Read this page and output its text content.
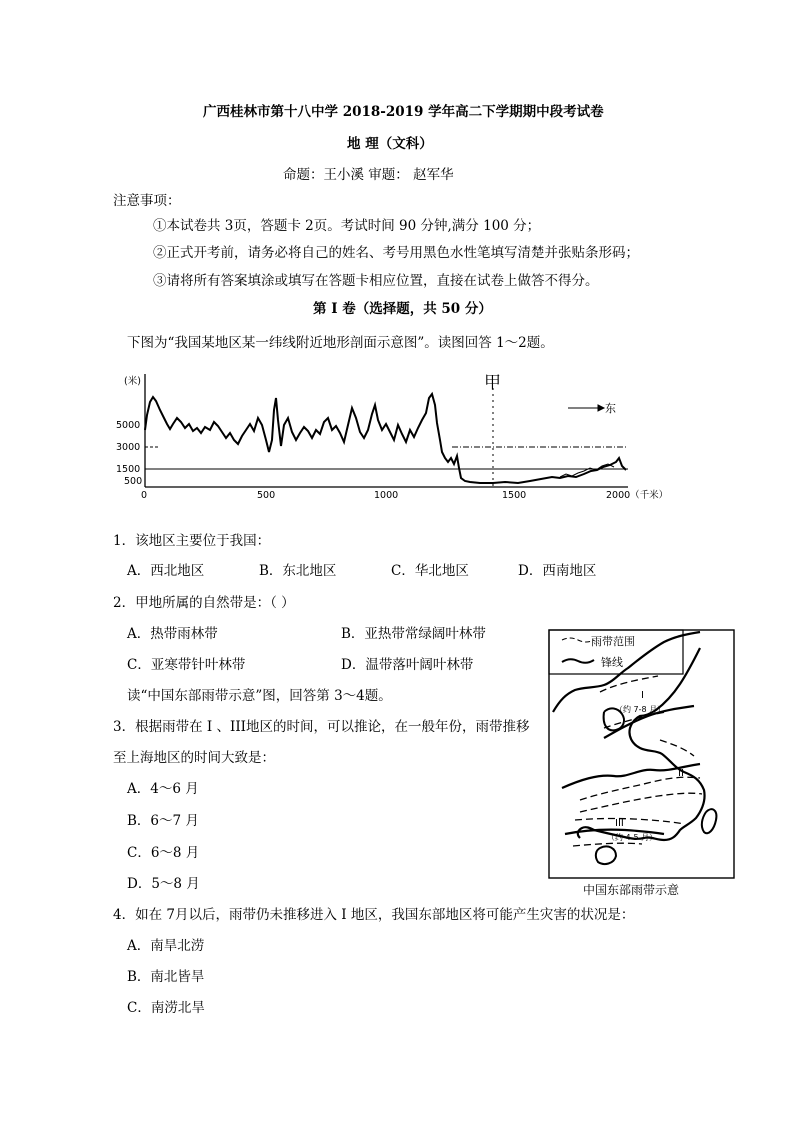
广西桂林市第十八中学 2018-2019 学年高二下学期期中段考试卷
地 理（文科）
命题：王小溪 审题： 赵军华
注意事项：
①本试卷共 3页，答题卡 2页。考试时间 90 分钟,满分 100 分；
②正式开考前，请务必将自己的姓名、考号用黑色水性笔填写清楚并张贴条形码；
③请将所有答案填涂或填写在答题卡相应位置，直接在试卷上做答不得分。
第 I 卷（选择题，共 50 分）
下图为“我国某地区某一纬线附近地形剖面示意图”。读图回答 1～2题。
(米)
5000
3000
1500
500
0	500	1000	1500	2000（千米）
甲
东
1．该地区主要位于我国：
A．西北地区	B．东北地区	C．华北地区	D．西南地区
2．甲地所属的自然带是：（ ）
A．热带雨林带	B．亚热带常绿阔叶林带
C．亚寒带针叶林带	D．温带落叶阔叶林带
读“中国东部雨带示意”图，回答第 3～4题。
3．根据雨带在 I 、III地区的时间，可以推论，在一般年份，雨带推移
至上海地区的时间大致是：
A．4～6 月
B．6～7 月
C．6～8 月
D．5～8 月
雨带范围
锋线
I
（约 7-8 月）
II
III
（约 4-5 月）
中国东部雨带示意
4．如在 7月以后，雨带仍未推移进入 I 地区，我国东部地区将可能产生灾害的状况是：
A．南旱北涝
B．南北皆旱
C．南涝北旱
